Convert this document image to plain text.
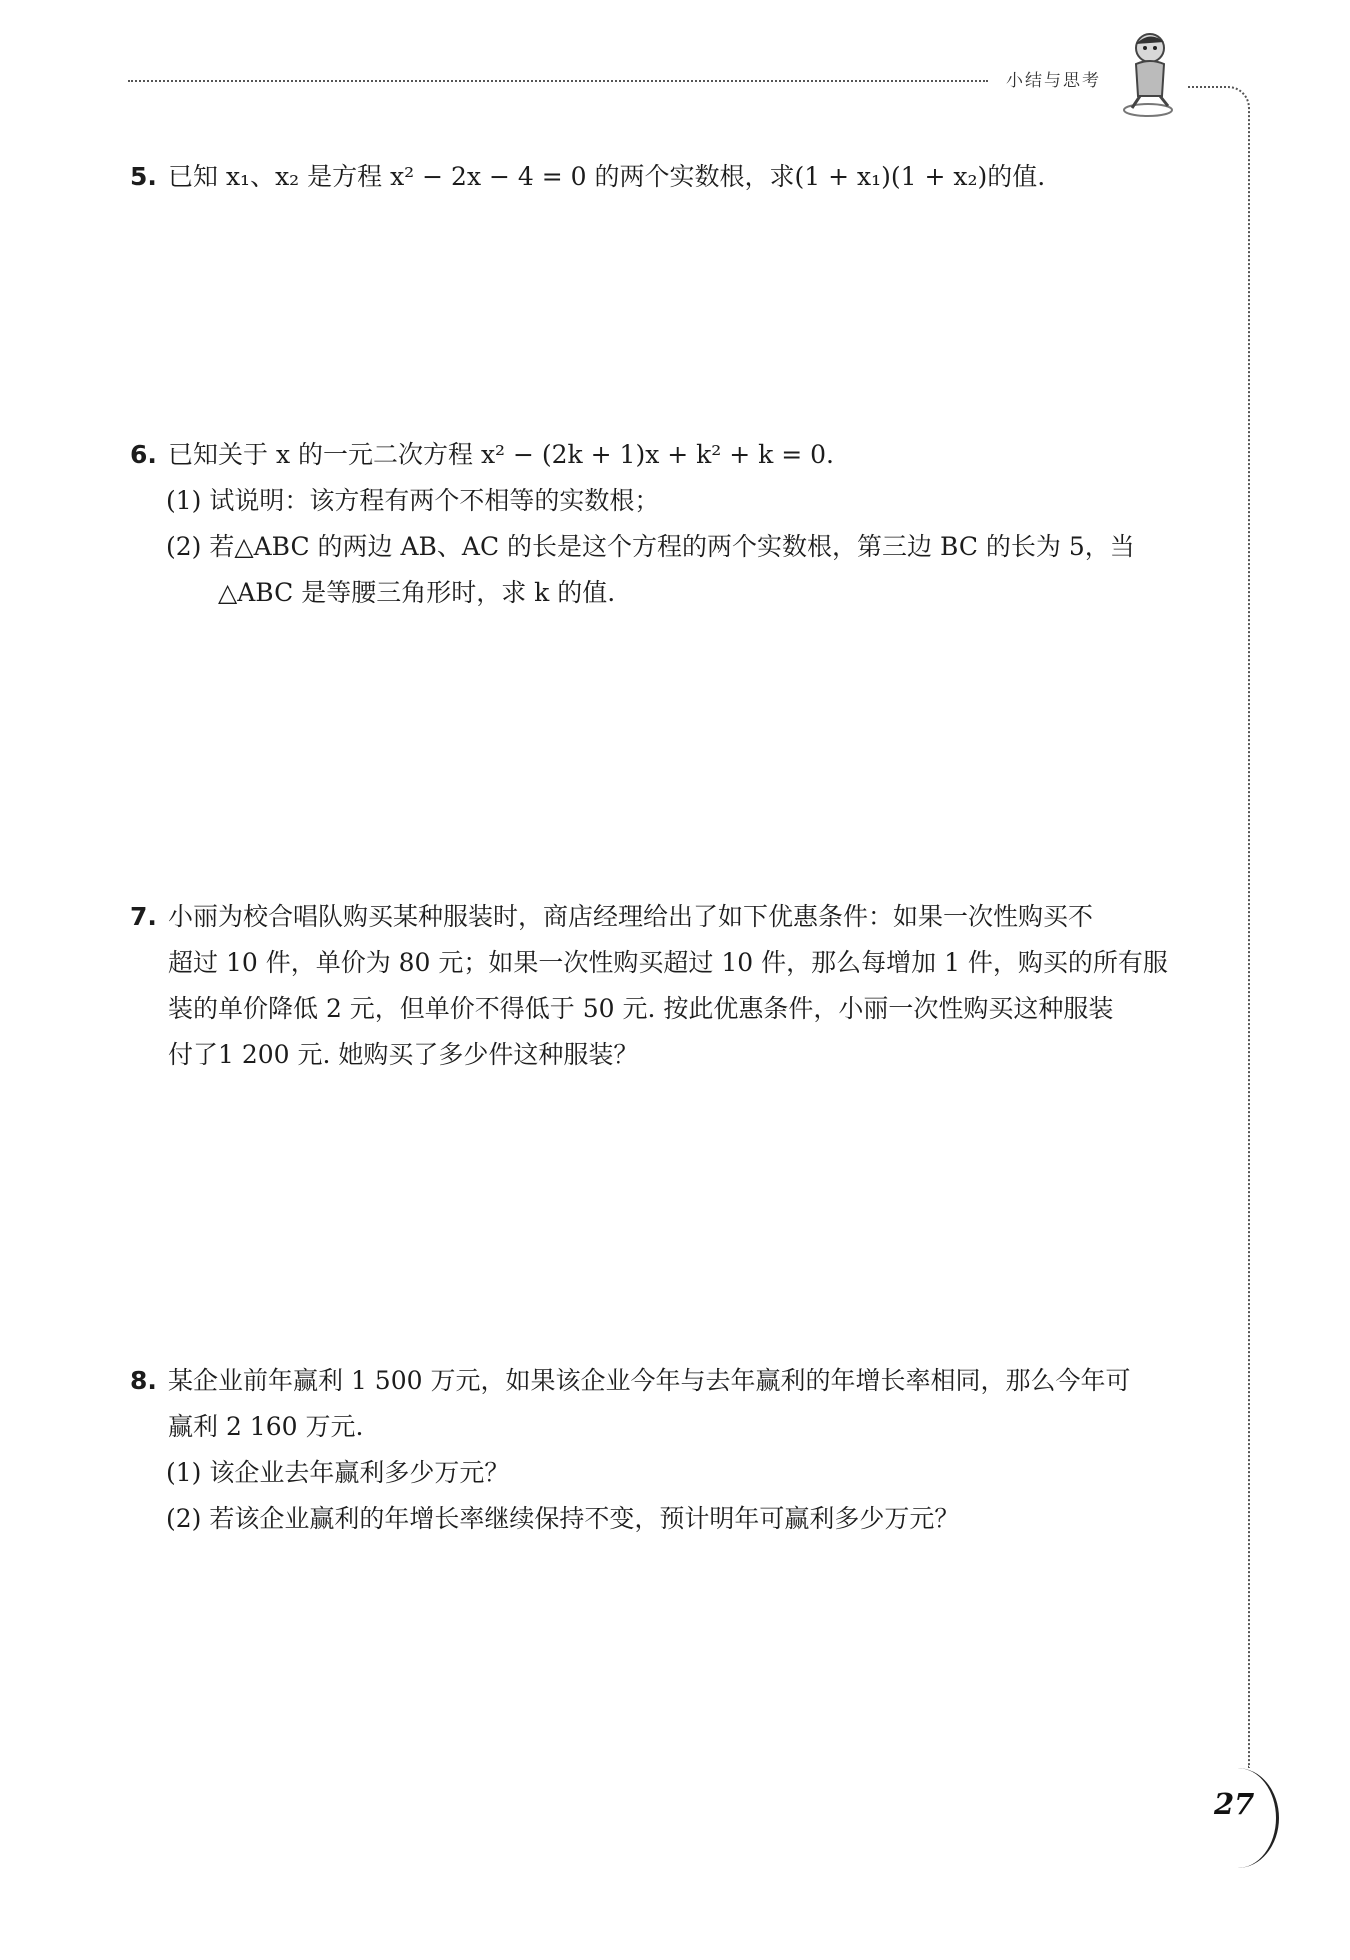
小结与思考
27
5. 已知 x₁、x₂ 是方程 x² − 2x − 4 = 0 的两个实数根，求(1 + x₁)(1 + x₂)的值.
6. 已知关于 x 的一元二次方程 x² − (2k + 1)x + k² + k = 0.
(1) 试说明：该方程有两个不相等的实数根；
(2) 若△ABC 的两边 AB、AC 的长是这个方程的两个实数根，第三边 BC 的长为 5，当
△ABC 是等腰三角形时，求 k 的值.
7. 小丽为校合唱队购买某种服装时，商店经理给出了如下优惠条件：如果一次性购买不
超过 10 件，单价为 80 元；如果一次性购买超过 10 件，那么每增加 1 件，购买的所有服
装的单价降低 2 元，但单价不得低于 50 元. 按此优惠条件，小丽一次性购买这种服装
付了1 200 元. 她购买了多少件这种服装？
8. 某企业前年赢利 1 500 万元，如果该企业今年与去年赢利的年增长率相同，那么今年可
赢利 2 160 万元.
(1) 该企业去年赢利多少万元？
(2) 若该企业赢利的年增长率继续保持不变，预计明年可赢利多少万元？
